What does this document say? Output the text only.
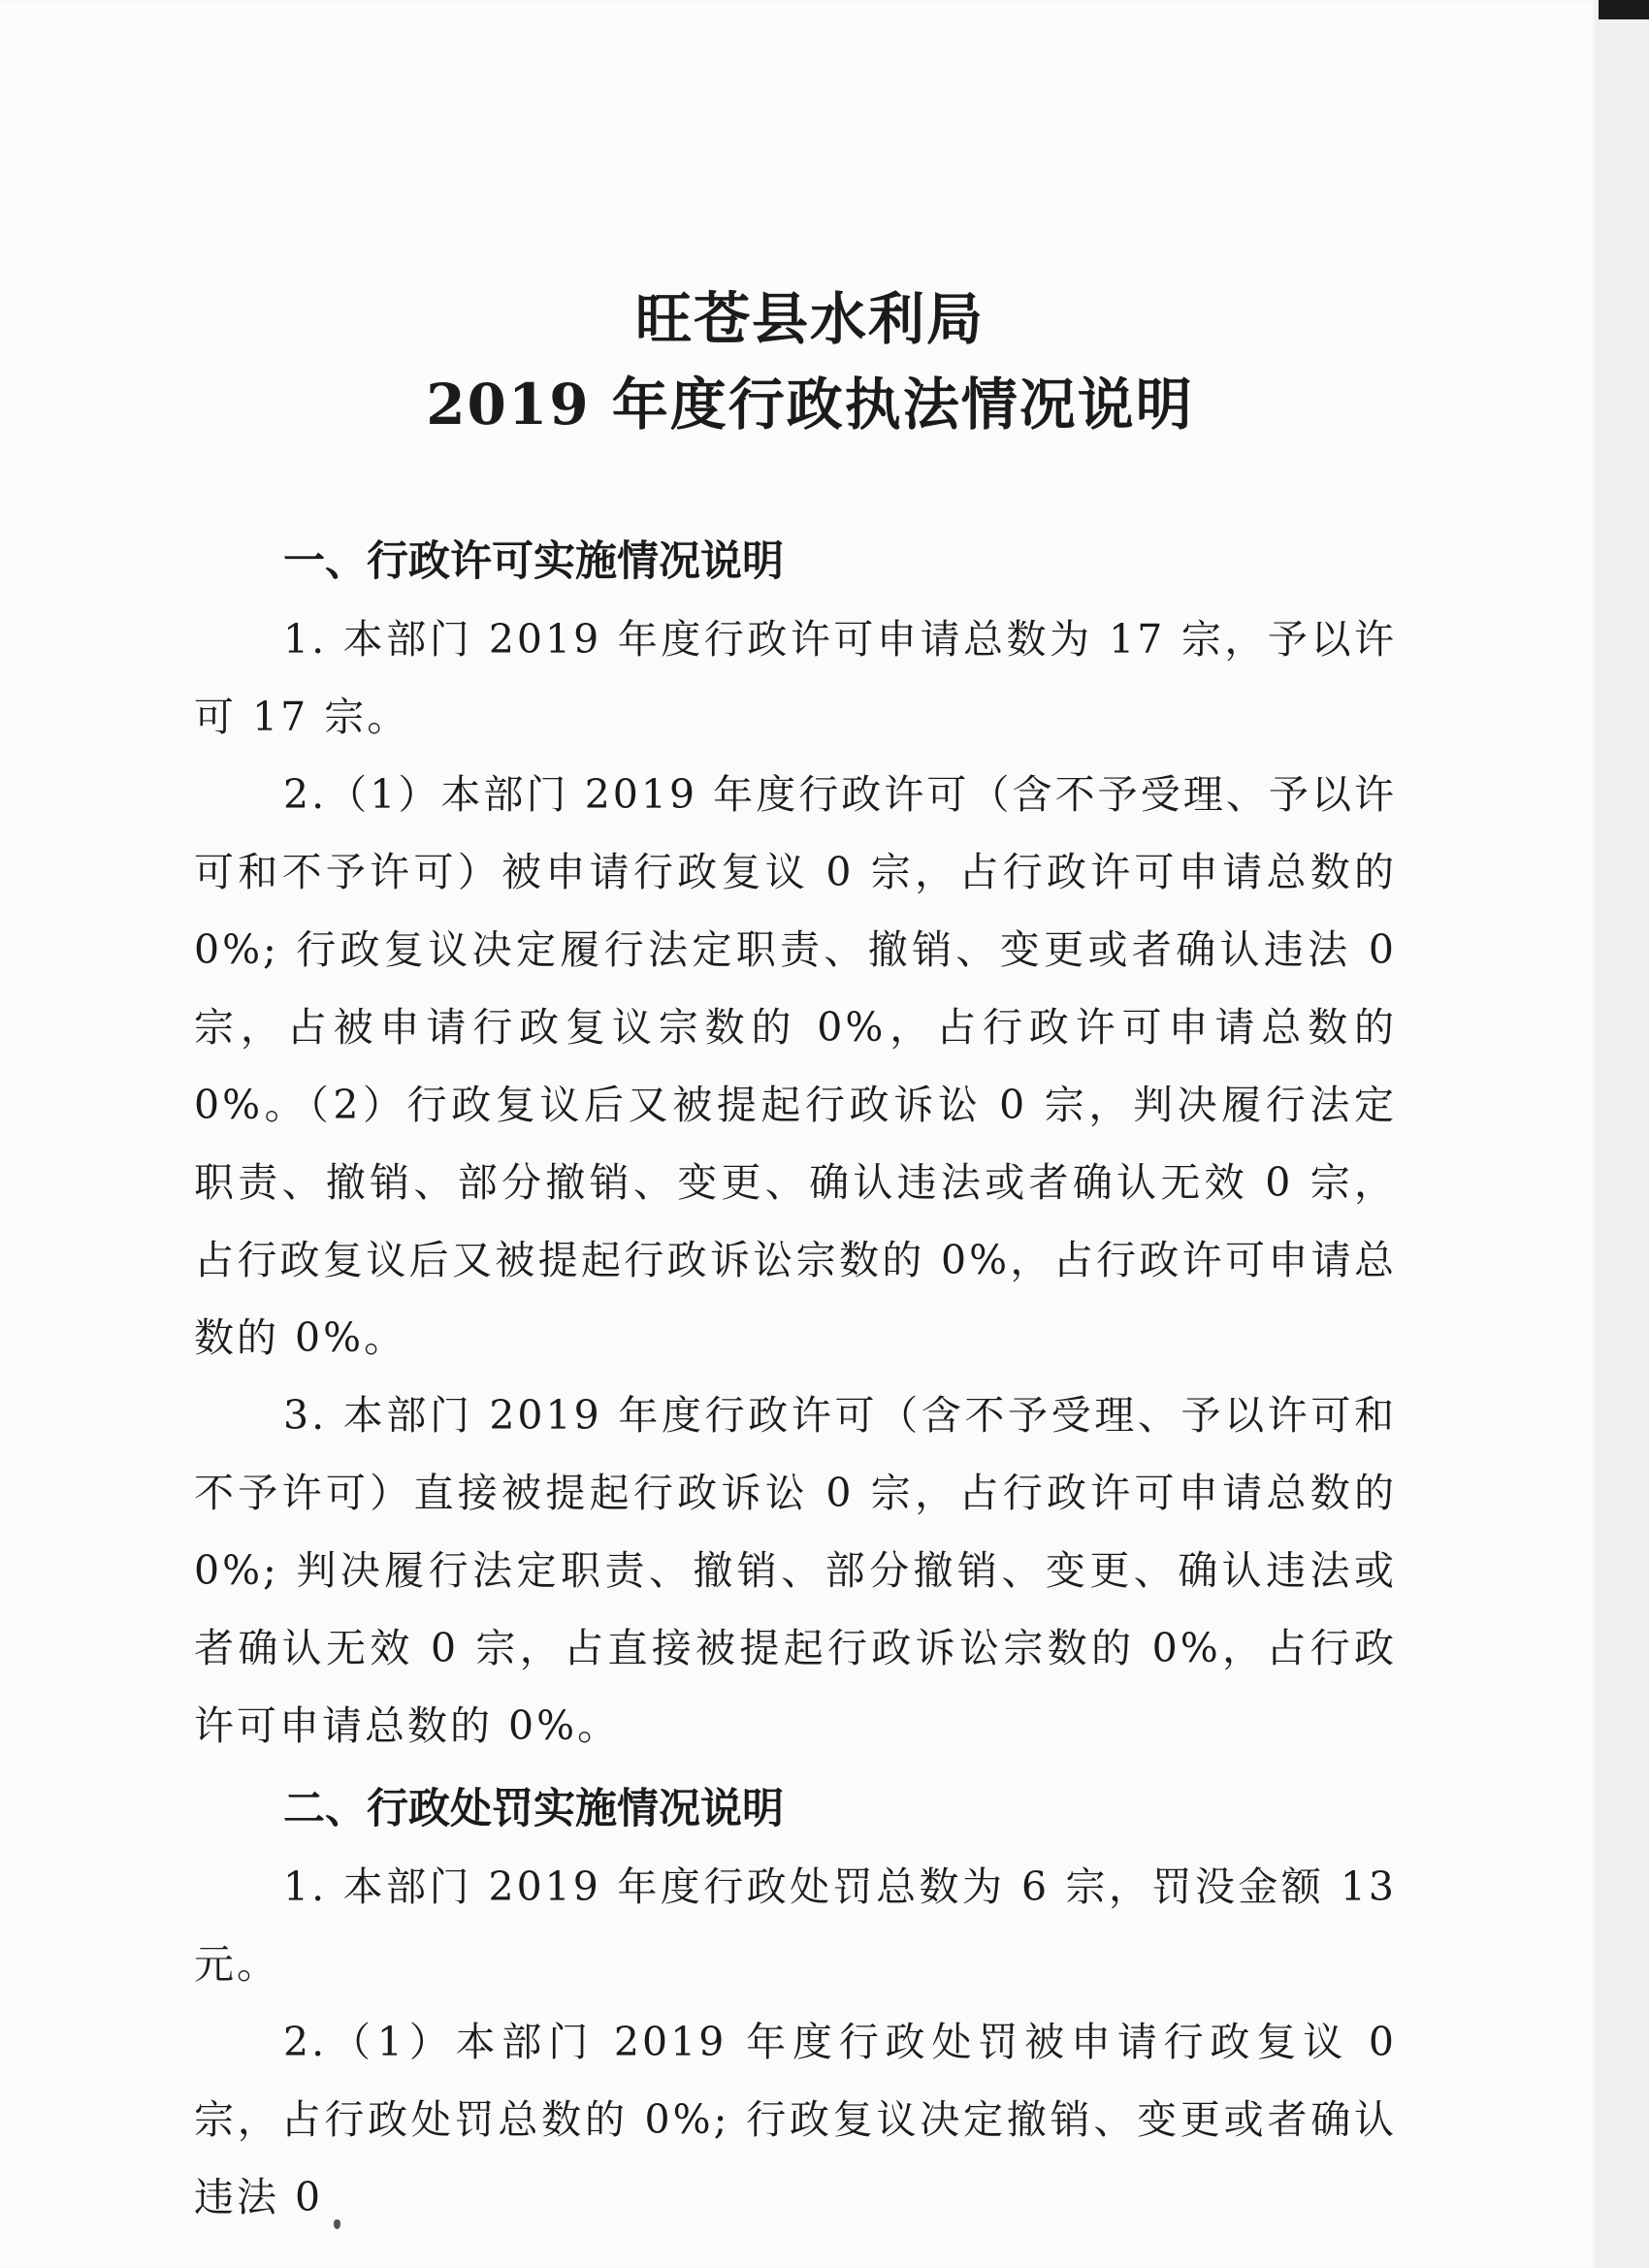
旺苍县水利局
2019 年度行政执法情况说明
一、行政许可实施情况说明
1. 本部门 2019 年度行政许可申请总数为 17 宗，予以许可 17 宗。
2.（1）本部门 2019 年度行政许可（含不予受理、予以许可和不予许可）被申请行政复议 0 宗，占行政许可申请总数的 0%; 行政复议决定履行法定职责、撤销、变更或者确认违法 0 宗，占被申请行政复议宗数的 0%，占行政许可申请总数的 0%。（2）行政复议后又被提起行政诉讼 0 宗，判决履行法定职责、撤销、部分撤销、变更、确认违法或者确认无效 0 宗，占行政复议后又被提起行政诉讼宗数的 0%，占行政许可申请总数的 0%。
3. 本部门 2019 年度行政许可（含不予受理、予以许可和不予许可）直接被提起行政诉讼 0 宗，占行政许可申请总数的 0%; 判决履行法定职责、撤销、部分撤销、变更、确认违法或者确认无效 0 宗，占直接被提起行政诉讼宗数的 0%，占行政许可申请总数的 0%。
二、行政处罚实施情况说明
1. 本部门 2019 年度行政处罚总数为 6 宗，罚没金额 13 元。
2.（1）本部门 2019 年度行政处罚被申请行政复议 0 宗，占行政处罚总数的 0%; 行政复议决定撤销、变更或者确认违法 0
